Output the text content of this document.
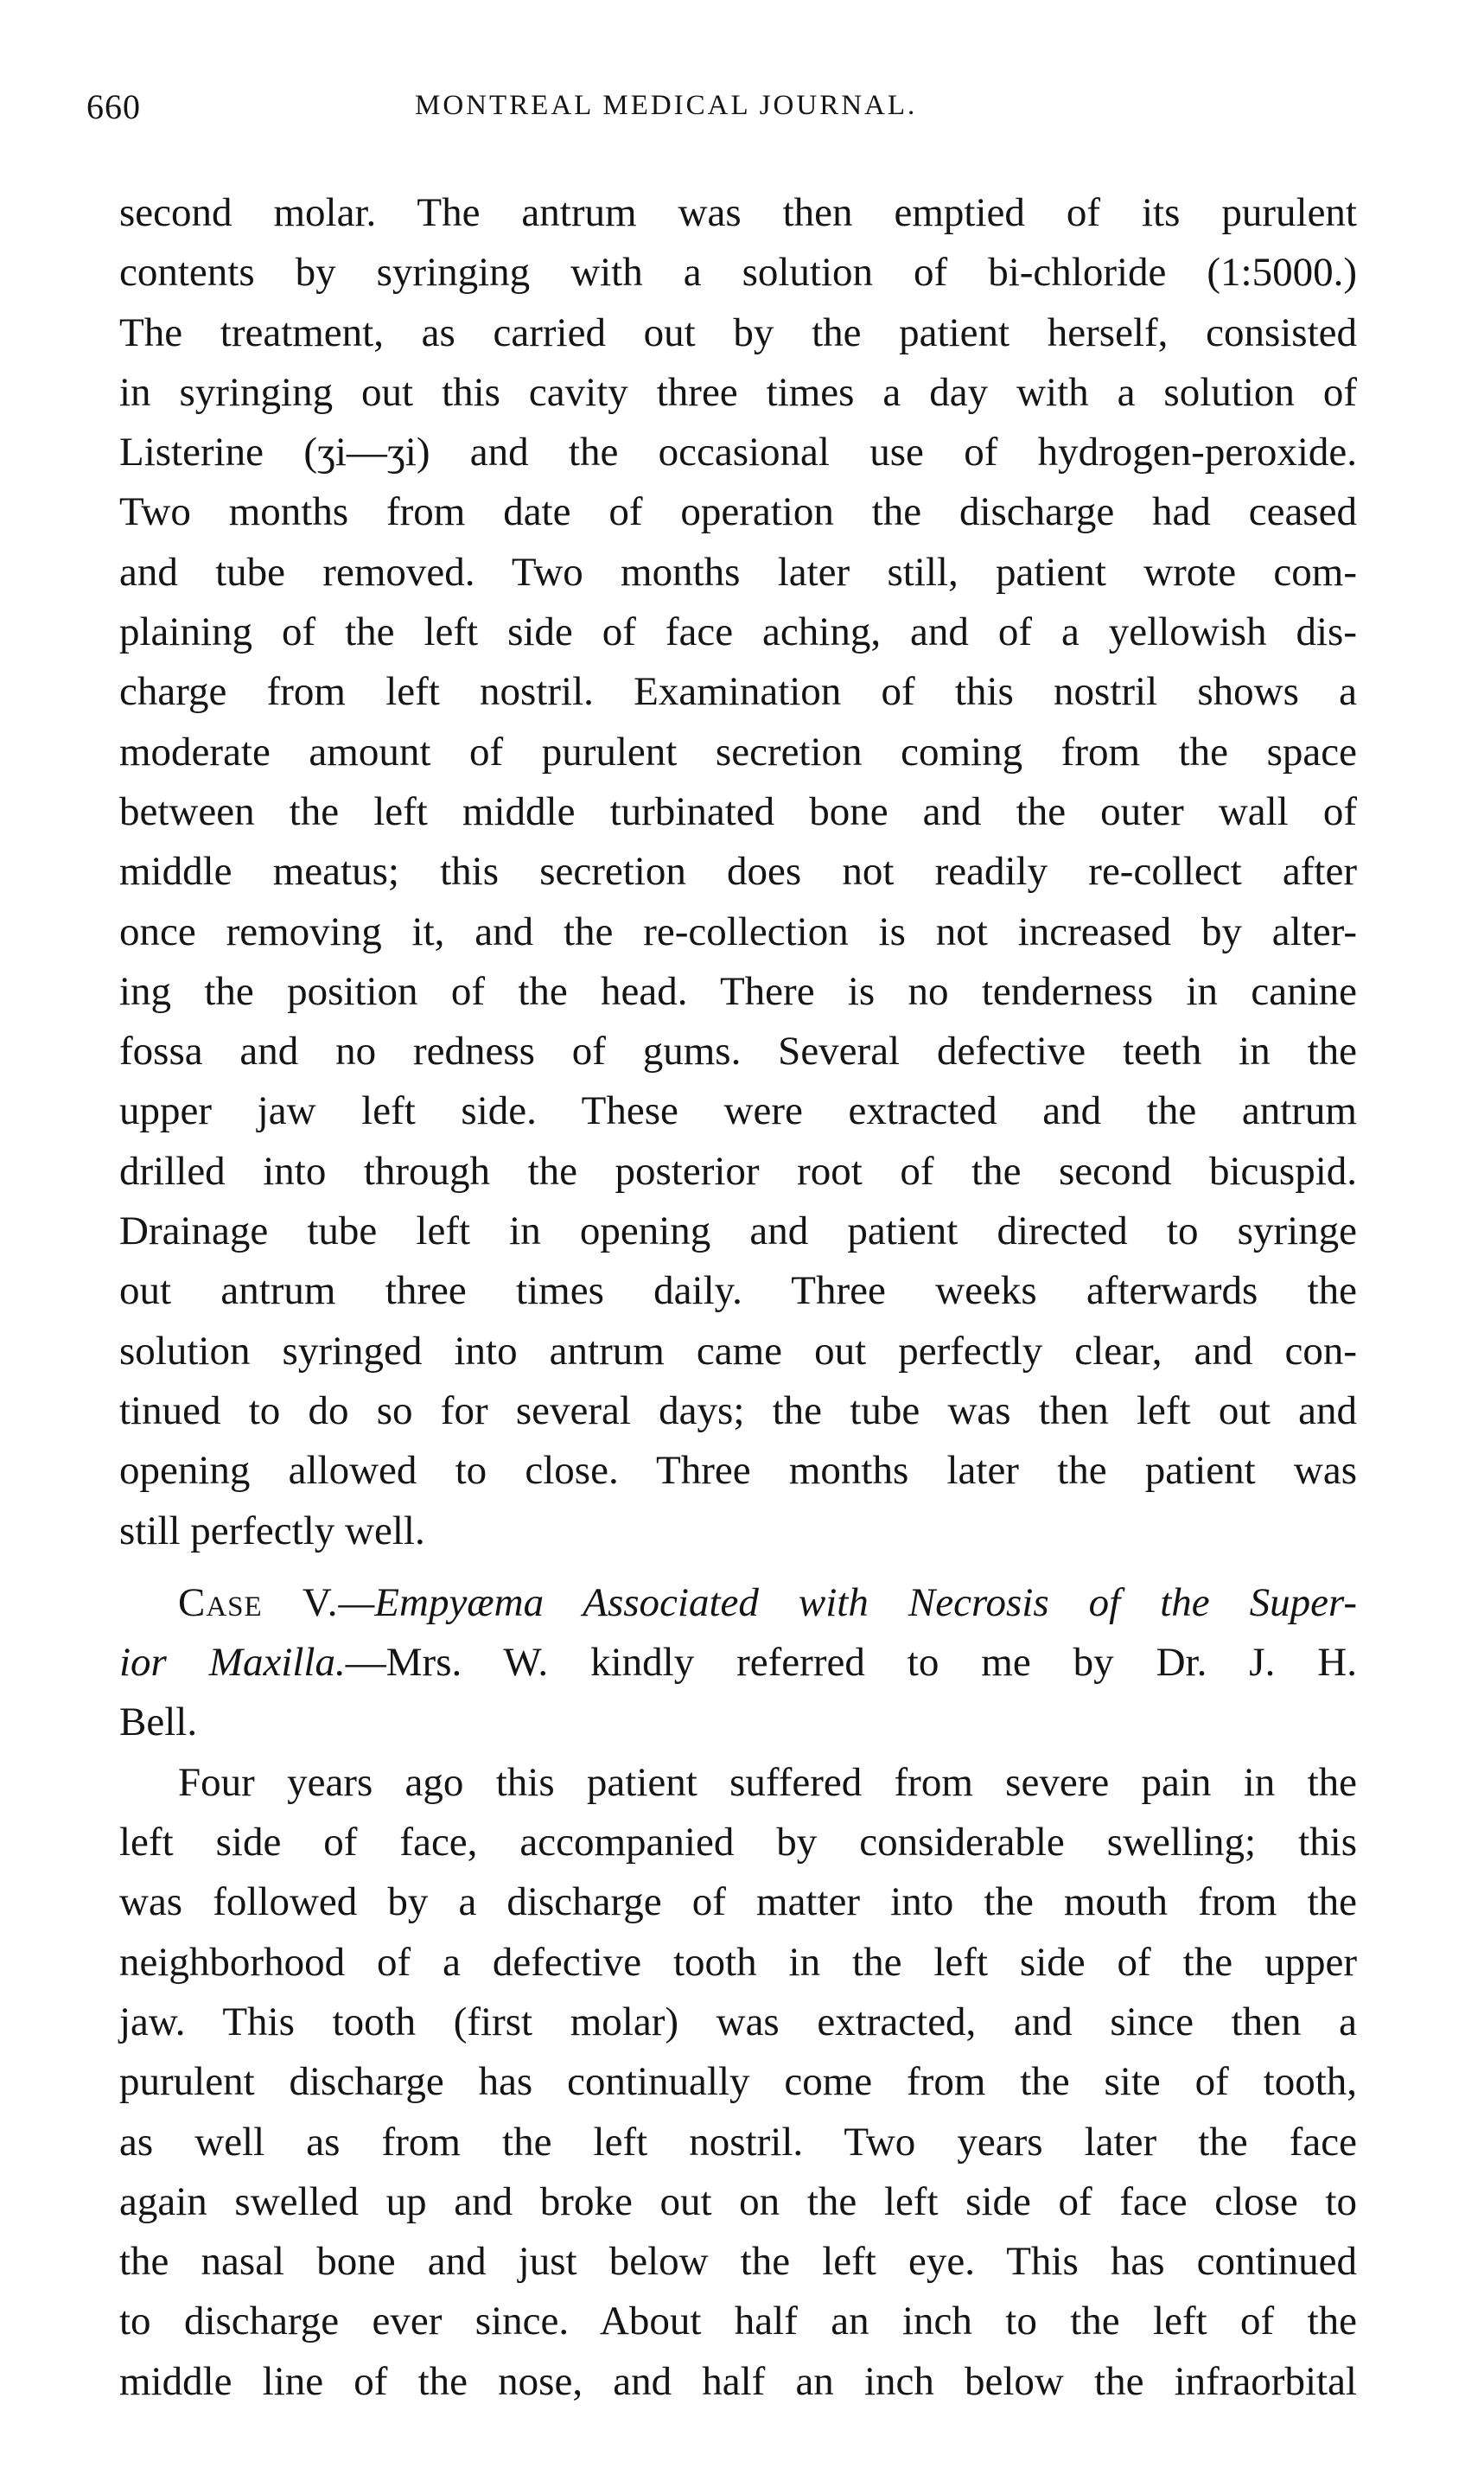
660	MONTREAL MEDICAL JOURNAL.
second molar. The antrum was then emptied of its purulent
contents by syringing with a solution of bi-chloride (1:5000.)
The treatment, as carried out by the patient herself, consisted
in syringing out this cavity three times a day with a solution of
Listerine (ʒi—ʒi) and the occasional use of hydrogen-peroxide.
Two months from date of operation the discharge had ceased
and tube removed. Two months later still, patient wrote com-
plaining of the left side of face aching, and of a yellowish dis-
charge from left nostril. Examination of this nostril shows a
moderate amount of purulent secretion coming from the space
between the left middle turbinated bone and the outer wall of
middle meatus; this secretion does not readily re-collect after
once removing it, and the re-collection is not increased by alter-
ing the position of the head. There is no tenderness in canine
fossa and no redness of gums. Several defective teeth in the
upper jaw left side. These were extracted and the antrum
drilled into through the posterior root of the second bicuspid.
Drainage tube left in opening and patient directed to syringe
out antrum three times daily. Three weeks afterwards the
solution syringed into antrum came out perfectly clear, and con-
tinued to do so for several days; the tube was then left out and
opening allowed to close. Three months later the patient was
still perfectly well.
Case V.—Empyæma Associated with Necrosis of the Super-
ior Maxilla.—Mrs. W. kindly referred to me by Dr. J. H.
Bell.
Four years ago this patient suffered from severe pain in the
left side of face, accompanied by considerable swelling; this
was followed by a discharge of matter into the mouth from the
neighborhood of a defective tooth in the left side of the upper
jaw. This tooth (first molar) was extracted, and since then a
purulent discharge has continually come from the site of tooth,
as well as from the left nostril. Two years later the face
again swelled up and broke out on the left side of face close to
the nasal bone and just below the left eye. This has continued
to discharge ever since. About half an inch to the left of the
middle line of the nose, and half an inch below the infraorbital
